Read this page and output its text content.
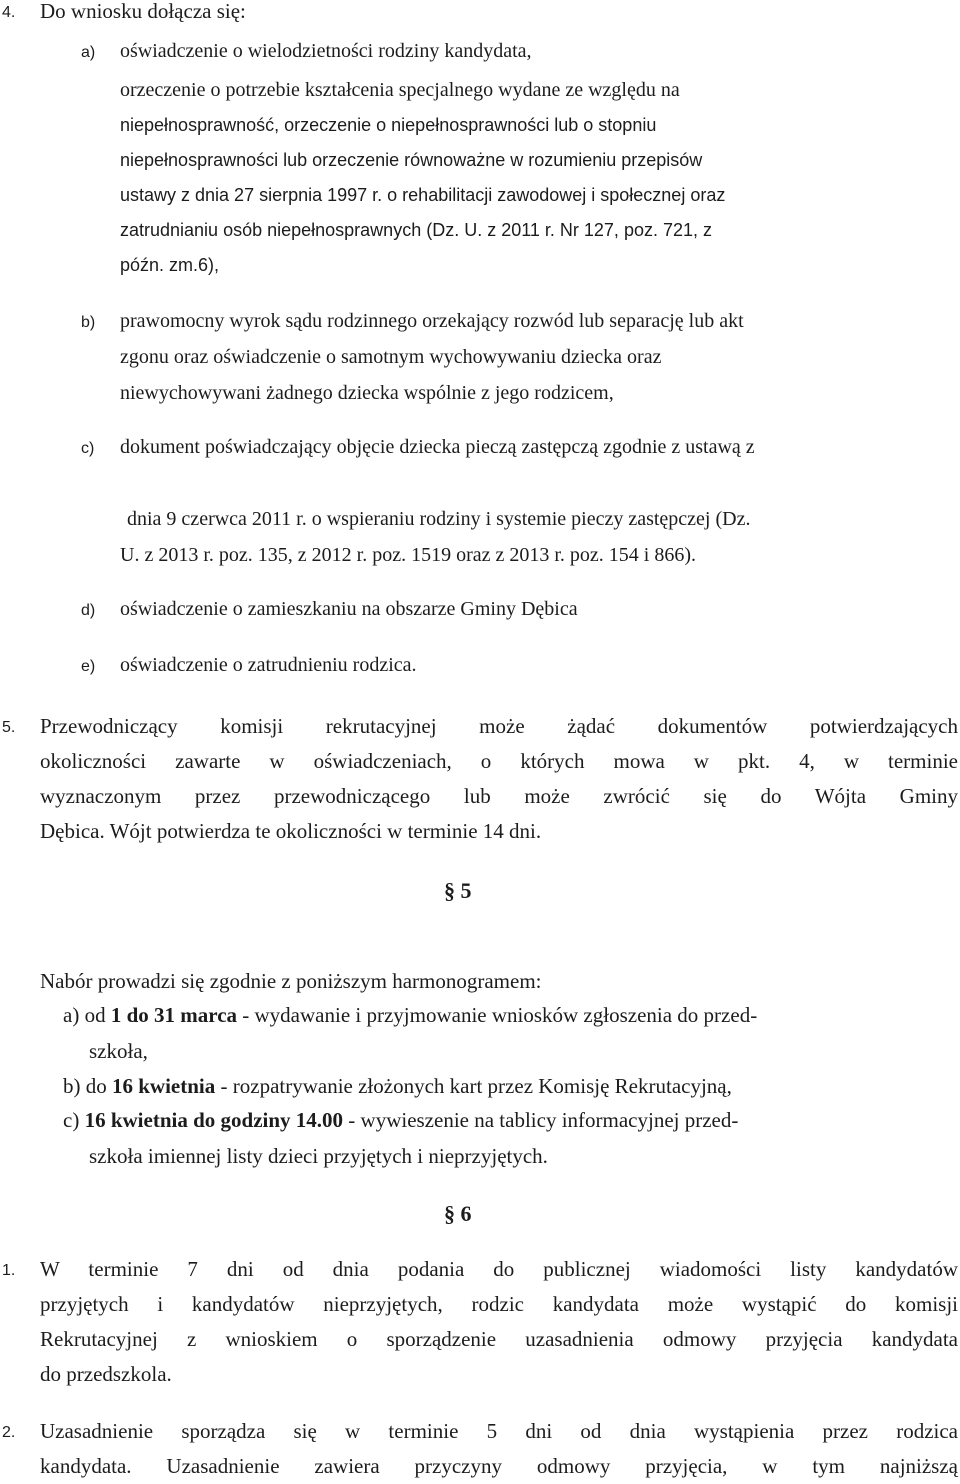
4. Do wniosku dołącza się:
a) oświadczenie o wielodzietności rodziny kandydata,
orzeczenie o potrzebie kształcenia specjalnego wydane ze względu na
niepełnosprawność, orzeczenie o niepełnosprawności lub o stopniu
niepełnosprawności lub orzeczenie równoważne w rozumieniu przepisów
ustawy z dnia 27 sierpnia 1997 r. o rehabilitacji zawodowej i społecznej oraz
zatrudnianiu osób niepełnosprawnych (Dz. U. z 2011 r. Nr 127, poz. 721, z
późn. zm.6),
b) prawomocny wyrok sądu rodzinnego orzekający rozwód lub separację lub akt
zgonu oraz oświadczenie o samotnym wychowywaniu dziecka oraz
niewychowywani żadnego dziecka wspólnie z jego rodzicem,
c) dokument poświadczający objęcie dziecka pieczą zastępczą zgodnie z ustawą z
dnia 9 czerwca 2011 r. o wspieraniu rodziny i systemie pieczy zastępczej (Dz.
U. z 2013 r. poz. 135, z 2012 r. poz. 1519 oraz z 2013 r. poz. 154 i 866).
d) oświadczenie o zamieszkaniu na obszarze Gminy Dębica
e) oświadczenie o zatrudnieniu rodzica.
5. Przewodniczący komisji rekrutacyjnej może żądać dokumentów potwierdzających
okoliczności zawarte w oświadczeniach, o których mowa w pkt. 4, w terminie
wyznaczonym przez przewodniczącego lub może zwrócić się do Wójta Gminy
Dębica. Wójt potwierdza te okoliczności w terminie 14 dni.
§ 5
Nabór prowadzi się zgodnie z poniższym harmonogramem:
a) od 1 do 31 marca - wydawanie i przyjmowanie wniosków zgłoszenia do przed-
szkoła,
b) do 16 kwietnia - rozpatrywanie złożonych kart przez Komisję Rekrutacyjną,
c) 16 kwietnia do godziny 14.00 - wywieszenie na tablicy informacyjnej przed-
szkoła imiennej listy dzieci przyjętych i nieprzyjętych.
§ 6
1. W terminie 7 dni od dnia podania do publicznej wiadomości listy kandydatów
przyjętych i kandydatów nieprzyjętych, rodzic kandydata może wystąpić do komisji
Rekrutacyjnej z wnioskiem o sporządzenie uzasadnienia odmowy przyjęcia kandydata
do przedszkola.
2. Uzasadnienie sporządza się w terminie 5 dni od dnia wystąpienia przez rodzica
kandydata. Uzasadnienie zawiera przyczyny odmowy przyjęcia, w tym najniższą
